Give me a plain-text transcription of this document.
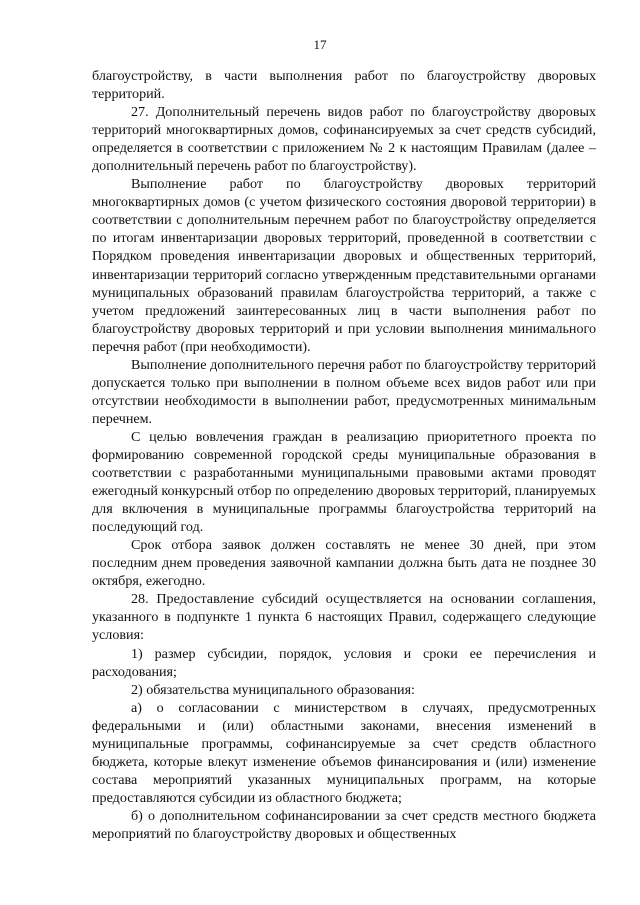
17

благоустройству, в части выполнения работ по благоустройству дворовых территорий.

27. Дополнительный перечень видов работ по благоустройству дворовых территорий многоквартирных домов, софинансируемых за счет средств субсидий, определяется в соответствии с приложением № 2 к настоящим Правилам (далее – дополнительный перечень работ по благоустройству).

Выполнение работ по благоустройству дворовых территорий многоквартирных домов (с учетом физического состояния дворовой территории) в соответствии с дополнительным перечнем работ по благоустройству определяется по итогам инвентаризации дворовых территорий, проведенной в соответствии с Порядком проведения инвентаризации дворовых и общественных территорий, инвентаризации территорий согласно утвержденным представительными органами муниципальных образований правилам благоустройства территорий, а также с учетом предложений заинтересованных лиц в части выполнения работ по благоустройству дворовых территорий и при условии выполнения минимального перечня работ (при необходимости).

Выполнение дополнительного перечня работ по благоустройству территорий допускается только при выполнении в полном объеме всех видов работ или при отсутствии необходимости в выполнении работ, предусмотренных минимальным перечнем.

С целью вовлечения граждан в реализацию приоритетного проекта по формированию современной городской среды муниципальные образования в соответствии с разработанными муниципальными правовыми актами проводят ежегодный конкурсный отбор по определению дворовых территорий, планируемых для включения в муниципальные программы благоустройства территорий на последующий год.

Срок отбора заявок должен составлять не менее 30 дней, при этом последним днем проведения заявочной кампании должна быть дата не позднее 30 октября, ежегодно.

28. Предоставление субсидий осуществляется на основании соглашения, указанного в подпункте 1 пункта 6 настоящих Правил, содержащего следующие условия:

1) размер субсидии, порядок, условия и сроки ее перечисления и расходования;

2) обязательства муниципального образования:

а) о согласовании с министерством в случаях, предусмотренных федеральными и (или) областными законами, внесения изменений в муниципальные программы, софинансируемые за счет средств областного бюджета, которые влекут изменение объемов финансирования и (или) изменение состава мероприятий указанных муниципальных программ, на которые предоставляются субсидии из областного бюджета;

б) о дополнительном софинансировании за счет средств местного бюджета мероприятий по благоустройству дворовых и общественных
